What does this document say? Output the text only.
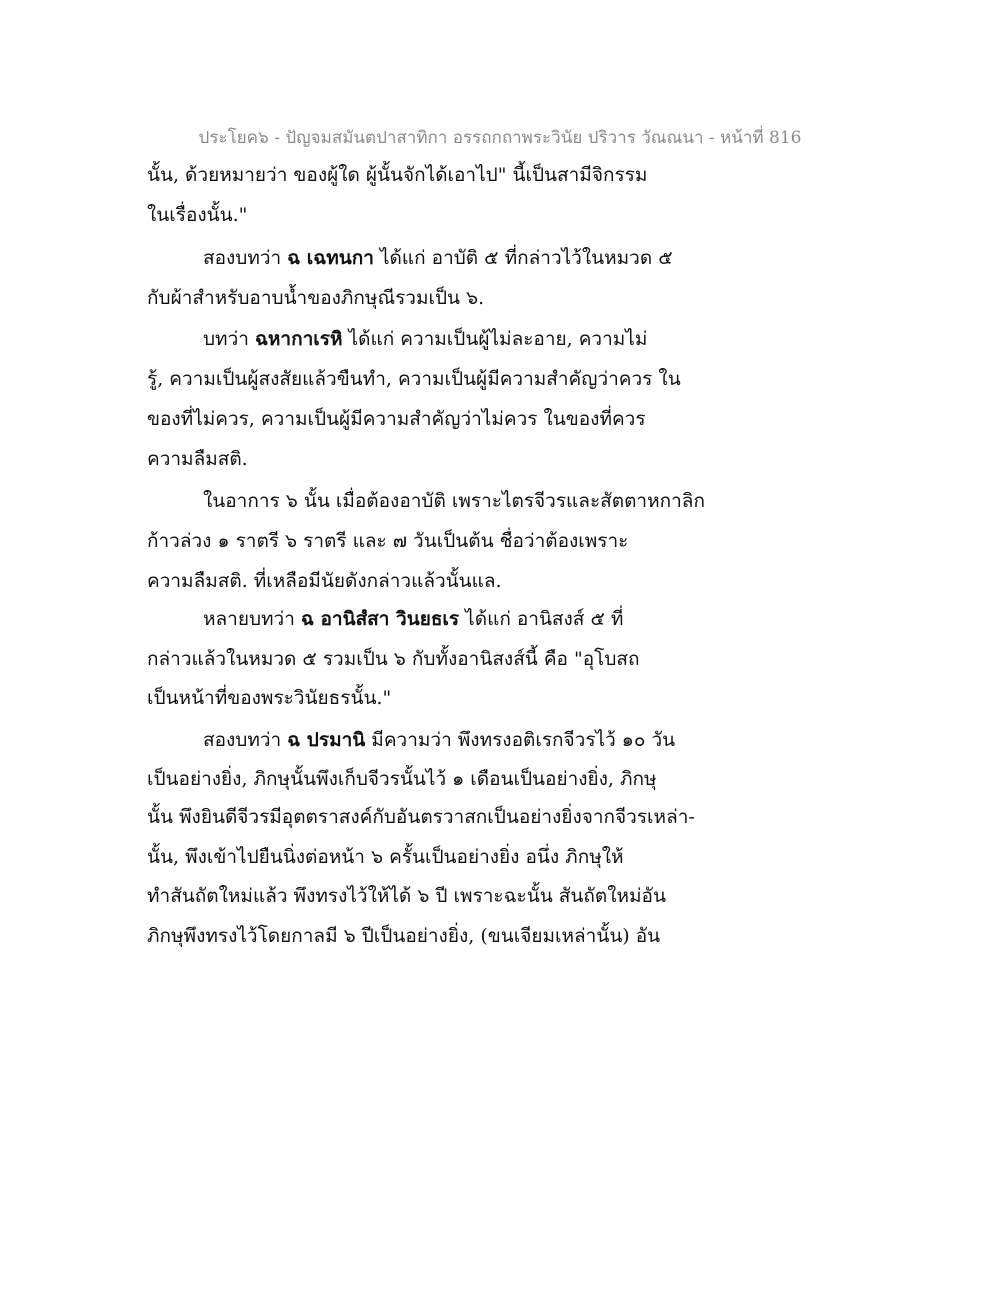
ประโยค๖ - ปัญจมสมันตปาสาทิกา อรรถกถาพระวินัย ปริวาร วัณณนา - หน้าที่ 816
นั้น, ด้วยหมายว่า ของผู้ใด ผู้นั้นจักได้เอาไป" นี้เป็นสามีจิกรรม
ในเรื่องนั้น."
สองบทว่า ฉ เฉทนกา ได้แก่ อาบัติ ๕ ที่กล่าวไว้ในหมวด ๕
กับผ้าสำหรับอาบน้ำของภิกษุณีรวมเป็น ๖.
บทว่า ฉหากาเรหิ ได้แก่ ความเป็นผู้ไม่ละอาย, ความไม่
รู้, ความเป็นผู้สงสัยแล้วขืนทำ, ความเป็นผู้มีความสำคัญว่าควร ใน
ของที่ไม่ควร, ความเป็นผู้มีความสำคัญว่าไม่ควร ในของที่ควร
ความลืมสติ.
ในอาการ ๖ นั้น เมื่อต้องอาบัติ เพราะไตรจีวรและสัตตาหกาลิก
ก้าวล่วง ๑ ราตรี ๖ ราตรี และ ๗ วันเป็นต้น ชื่อว่าต้องเพราะ
ความลืมสติ. ที่เหลือมีนัยดังกล่าวแล้วนั้นแล.
หลายบทว่า ฉ อานิสํสา วินยธเร ได้แก่ อานิสงส์ ๕ ที่
กล่าวแล้วในหมวด ๕ รวมเป็น ๖ กับทั้งอานิสงส์นี้ คือ "อุโบสถ
เป็นหน้าที่ของพระวินัยธรนั้น."
สองบทว่า ฉ ปรมานิ มีความว่า พึงทรงอติเรกจีวรไว้ ๑๐ วัน
เป็นอย่างยิ่ง, ภิกษุนั้นพึงเก็บจีวรนั้นไว้ ๑ เดือนเป็นอย่างยิ่ง, ภิกษุ
นั้น พึงยินดีจีวรมีอุตตราสงค์กับอันตรวาสกเป็นอย่างยิ่งจากจีวรเหล่า-
นั้น, พึงเข้าไปยืนนิ่งต่อหน้า ๖ ครั้นเป็นอย่างยิ่ง อนึ่ง ภิกษุให้
ทำสันถัตใหม่แล้ว พึงทรงไว้ให้ได้ ๖ ปี เพราะฉะนั้น สันถัตใหม่อัน
ภิกษุพึงทรงไว้โดยกาลมี ๖ ปีเป็นอย่างยิ่ง, (ขนเจียมเหล่านั้น) อัน
